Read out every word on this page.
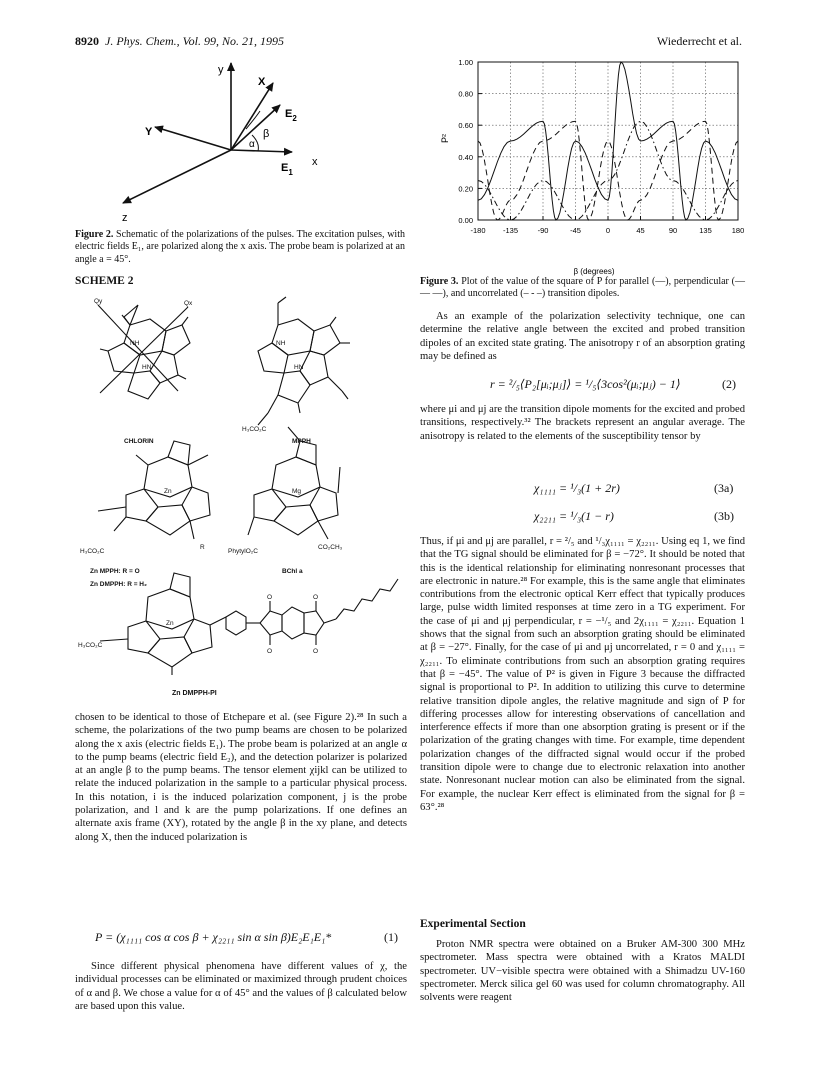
8920 J. Phys. Chem., Vol. 99, No. 21, 1995	Wiederrecht et al.
y
X
$E_2$
β
α
Y
x
$E_1$
z
Figure 2. Schematic of the polarizations of the pulses. The excitation pulses, with electric fields E₁, are polarized along the x axis. The probe beam is polarized at an angle a = 45°.
SCHEME 2
Qy	Qx
NH
HN
CHLORIN
NH
HN
H₃CO₂C
MPPH
Zn
R
H₃CO₂C
Mg
PhytylO₂C
CO₂CH₃
Zn MPPH: R = O
Zn DMPPH: R = H₂
BChl a
Zn
H₃CO₂C
O
O
O
O
Zn DMPPH-PI
chosen to be identical to those of Etchepare et al. (see Figure 2).²⁸ In such a scheme, the polarizations of the two pump beams are chosen to be polarized along the x axis (electric fields E₁). The probe beam is polarized at an angle α to the pump beams (electric field E₂), and the detection polarizer is polarized at an angle β to the pump beams. The tensor element χijkl can be utilized to relate the induced polarization in the sample to a particular physical process. In this notation, i is the induced polarization component, j is the probe polarization, and l and k are the pump polarizations. If one defines an alternate axis frame (XY), rotated by the angle β in the xy plane, and detects along X, then the induced polarization is
P = (χ₁₁₁₁ cos α cos β + χ₂₂₁₁ sin α sin β)E₂E₁E₁*	(1)
Since different physical phenomena have different values of χ, the individual processes can be eliminated or maximized through prudent choices of α and β. We chose a value for α of 45° and the values of β calculated below are based upon this value.
-180 -135	-90	-45	0	45	90	135	180
0.00
0.20
0.40
0.60
0.80
1.00
P²
β (degrees)
Figure 3. Plot of the value of the square of P for parallel (—), perpendicular (— — —), and uncorrelated (– - –) transition dipoles.
As an example of the polarization selectivity technique, one can determine the relative angle between the excited and probed transition dipoles of an excited state grating. The anisotropy r of an absorption grating may be defined as
r = ²/₅⟨P₂[μᵢ;μⱼ]⟩ = ¹/₅⟨3cos²(μᵢ;μⱼ) − 1⟩	(2)
where μi and μj are the transition dipole moments for the excited and probed transitions, respectively.³² The brackets represent an angular average. The anisotropy is related to the elements of the susceptibility tensor by
χ₁₁₁₁ = ¹/₃(1 + 2r)	(3a)
χ₂₂₁₁ = ¹/₃(1 − r)	(3b)
Thus, if μi and μj are parallel, r = ²/₅ and ¹/₃χ₁₁₁₁ = χ₂₂₁₁. Using eq 1, we find that the TG signal should be eliminated for β = −72°. It should be noted that this is the identical relationship for eliminating nonresonant processes that are electronic in nature.²⁸ For example, this is the same angle that eliminates contributions from the electronic optical Kerr effect that typically produces large, pulse width limited responses at time zero in a TG experiment. For the case of μi and μj perpendicular, r = −¹/₅ and 2χ₁₁₁₁ = χ₂₂₁₁. Equation 1 shows that the signal from such an absorption grating should be eliminated at β = −27°. Finally, for the case of μi and μj uncorrelated, r = 0 and χ₁₁₁₁ = χ₂₂₁₁. To eliminate contributions from such an absorption grating requires that β = −45°. The value of P² is given in Figure 3 because the diffracted signal is proportional to P². In addition to utilizing this curve to determine relative transition dipole angles, the relative magnitude and sign of P for differing processes allow for interesting observations of cancellation and interference effects if more than one absorption grating is present or if the polarization of the grating changes with time. For example, time dependent polarization changes of the diffracted signal would occur if the probed transition dipole were to change due to electronic relaxation into another state. Nonresonant nuclear motion can also be eliminated from the signal. For example, the nuclear Kerr effect is eliminated from the signal for β = 63°.²⁸
Experimental Section
Proton NMR spectra were obtained on a Bruker AM-300 300 MHz spectrometer. Mass spectra were obtained with a Kratos MALDI spectrometer. UV−visible spectra were obtained with a Shimadzu UV-160 spectrometer. Merck silica gel 60 was used for column chromatography. All solvents were reagent
